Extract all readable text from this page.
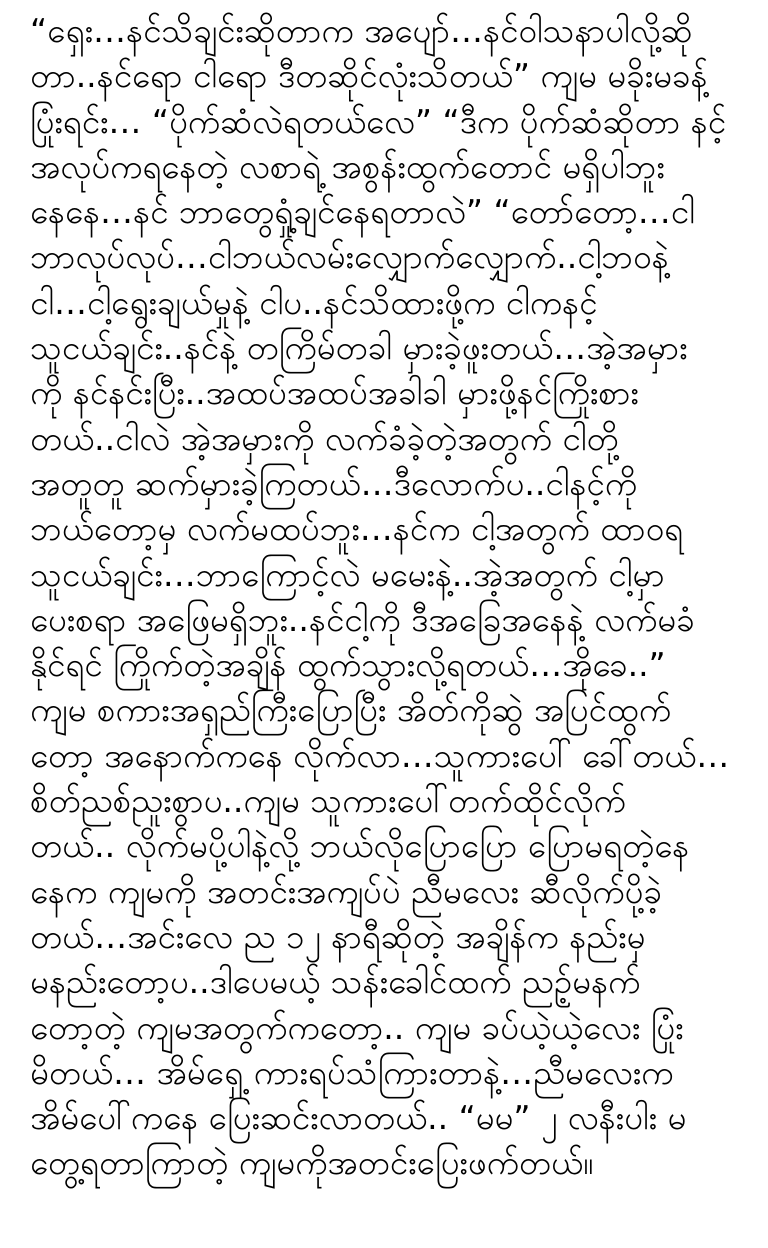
“ရှေး…နင်သိချင်းဆိုတာက အပျော်…နင်ဝါသနာပါလို့ဆို
တာ..နင်ရော ငါရော ဒီတဆိုင်လုံးသိတယ်” ကျမ မခိုးမခန့်
ပြုံးရင်း… “ပိုက်ဆံလဲရတယ်လေ” “ဒီက ပိုက်ဆံဆိုတာ နင့်
အလုပ်ကရနေတဲ့ လစာရဲ့ အစွန်းထွက်တောင် မရှိပါဘူး
နေနေ…နင် ဘာတွေရှုံ့ချင်နေရတာလဲ” “တော်တော့…ငါ
ဘာလုပ်လုပ်…ငါဘယ်လမ်းလျှောက်လျှောက်..ငါ့ဘဝနဲ့
ငါ…ငါ့ရွေးချယ်မှုနဲ့ ငါပ..နင်သိထားဖို့က ငါကနင့်
သူငယ်ချင်း..နင်နဲ့ တကြိမ်တခါ မှားခဲ့ဖူးတယ်…အဲ့အမှား
ကို နင်နင်းပြီး..အထပ်အထပ်အခါခါ မှားဖို့နင်ကြိုးစား
တယ်..ငါလဲ အဲ့အမှားကို လက်ခံခဲ့တဲ့အတွက် ငါတို့
အတူတူ ဆက်မှားခဲ့ကြတယ်…ဒီလောက်ပ..ငါနင့်ကို
ဘယ်တော့မှ လက်မထပ်ဘူး…နင်က ငါ့အတွက် ထာဝရ
သူငယ်ချင်း…ဘာကြောင့်လဲ မမေးနဲ့..အဲ့အတွက် ငါ့မှာ
ပေးစရာ အဖြေမရှိဘူး..နင်ငါ့ကို ဒီအခြေအနေနဲ့ လက်မခံ
နိုင်ရင် ကြိုက်တဲ့အချိန် ထွက်သွားလို့ရတယ်…အိုခေ..”
ကျမ စကားအရှည်ကြီးပြောပြီး အိတ်ကိုဆွဲ အပြင်ထွက်
တော့ အနောက်ကနေ လိုက်လာ…သူကားပေါ် ခေါ်တယ်…
စိတ်ညစ်ညူးစွာပ..ကျမ သူကားပေါ်တက်ထိုင်လိုက်
တယ်.. လိုက်မပို့ပါနဲ့လို့ ဘယ်လိုပြောပြော ပြောမရတဲ့နေ
နေက ကျမကို အတင်းအကျပ်ပဲ ညီမလေး ဆီလိုက်ပို့ခဲ့
တယ်…အင်းလေ ည ၁၂ နာရီဆိုတဲ့ အချိန်က နည်းမှ
မနည်းတော့ပ..ဒါပေမယ့် သန်းခေါင်ထက် ညဥ့်မနက်
တော့တဲ့ ကျမအတွက်ကတော့.. ကျမ ခပ်ယဲ့ယဲ့လေး ပြုံး
မိတယ်… အိမ်ရှေ့ ကားရပ်သံကြားတာနဲ့…ညီမလေးက
အိမ်ပေါ်ကနေ ပြေးဆင်းလာတယ်.. “မမ” ၂ လနီးပါး မ
တွေ့ရတာကြာတဲ့ ကျမကိုအတင်းပြေးဖက်တယ်။
